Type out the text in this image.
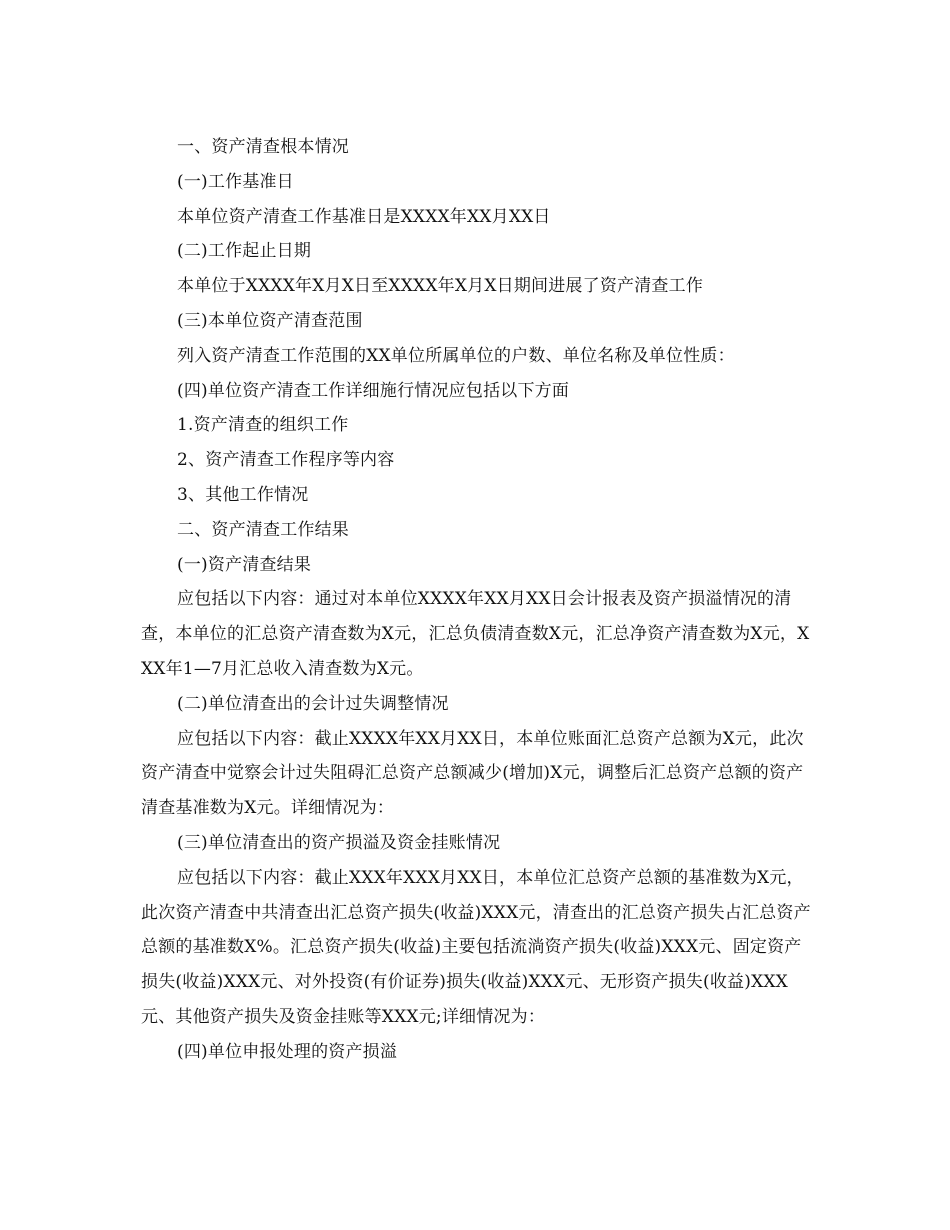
一、资产清查根本情况

(一)工作基准日

本单位资产清查工作基准日是XXXX年XX月XX日

(二)工作起止日期

本单位于XXXX年X月X日至XXXX年X月X日期间进展了资产清查工作

(三)本单位资产清查范围

列入资产清查工作范围的XX单位所属单位的户数、单位名称及单位性质：

(四)单位资产清查工作详细施行情况应包括以下方面

1.资产清查的组织工作

2、资产清查工作程序等内容

3、其他工作情况

二、资产清查工作结果

(一)资产清查结果

应包括以下内容：通过对本单位XXXX年XX月XX日会计报表及资产损溢情况的清查，本单位的汇总资产清查数为X元，汇总负债清查数X元，汇总净资产清查数为X元，XXX年1—7月汇总收入清查数为X元。

(二)单位清查出的会计过失调整情况

应包括以下内容：截止XXXX年XX月XX日，本单位账面汇总资产总额为X元，此次资产清查中觉察会计过失阻碍汇总资产总额减少(增加)X元，调整后汇总资产总额的资产清查基准数为X元。详细情况为：

(三)单位清查出的资产损溢及资金挂账情况

应包括以下内容：截止XXX年XXX月XX日，本单位汇总资产总额的基准数为X元，此次资产清查中共清查出汇总资产损失(收益)XXX元，清查出的汇总资产损失占汇总资产总额的基准数X%。汇总资产损失(收益)主要包括流淌资产损失(收益)XXX元、固定资产损失(收益)XXX元、对外投资(有价证券)损失(收益)XXX元、无形资产损失(收益)XXX元、其他资产损失及资金挂账等XXX元;详细情况为：

(四)单位申报处理的资产损溢
